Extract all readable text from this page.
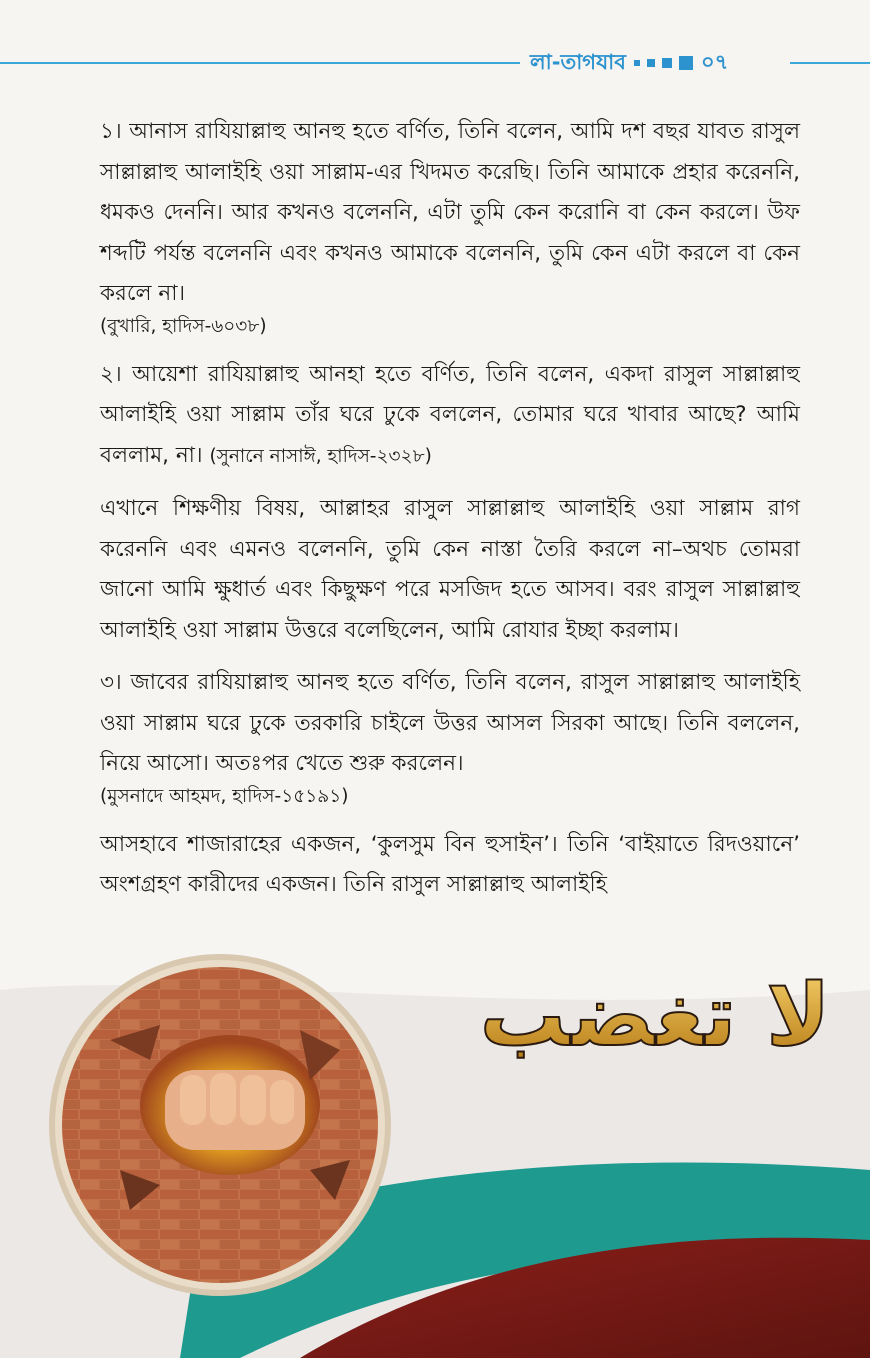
লা-তাগযাব	০৭

১। আনাস রাযিয়াল্লাহু আনহু হতে বর্ণিত, তিনি বলেন, আমি দশ বছর যাবত রাসুল সাল্লাল্লাহু আলাইহি ওয়া সাল্লাম-এর খিদমত করেছি। তিনি আমাকে প্রহার করেননি, ধমকও দেননি। আর কখনও বলেননি, এটা তুমি কেন করোনি বা কেন করলে। উফ শব্দটি পর্যন্ত বলেননি এবং কখনও আমাকে বলেননি, তুমি কেন এটা করলে বা কেন করলে না।
(বুখারি, হাদিস-৬০৩৮)

২। আয়েশা রাযিয়াল্লাহু আনহা হতে বর্ণিত, তিনি বলেন, একদা রাসুল সাল্লাল্লাহু আলাইহি ওয়া সাল্লাম তাঁর ঘরে ঢুকে বললেন, তোমার ঘরে খাবার আছে? আমি বললাম, না। (সুনানে নাসাঈ, হাদিস-২৩২৮)

এখানে শিক্ষণীয় বিষয়, আল্লাহর রাসুল সাল্লাল্লাহু আলাইহি ওয়া সাল্লাম রাগ করেননি এবং এমনও বলেননি, তুমি কেন নাস্তা তৈরি করলে না–অথচ তোমরা জানো আমি ক্ষুধার্ত এবং কিছুক্ষণ পরে মসজিদ হতে আসব। বরং রাসুল সাল্লাল্লাহু আলাইহি ওয়া সাল্লাম উত্তরে বলেছিলেন, আমি রোযার ইচ্ছা করলাম।

৩। জাবের রাযিয়াল্লাহু আনহু হতে বর্ণিত, তিনি বলেন, রাসুল সাল্লাল্লাহু আলাইহি ওয়া সাল্লাম ঘরে ঢুকে তরকারি চাইলে উত্তর আসল সিরকা আছে। তিনি বললেন, নিয়ে আসো। অতঃপর খেতে শুরু করলেন।
(মুসনাদে আহমদ, হাদিস-১৫১৯১)

আসহাবে শাজারাহের একজন, ‘কুলসুম বিন হুসাইন’। তিনি ‘বাইয়াতে রিদওয়ানে’ অংশগ্রহণ কারীদের একজন। তিনি রাসুল সাল্লাল্লাহু আলাইহি

لا تغضب
